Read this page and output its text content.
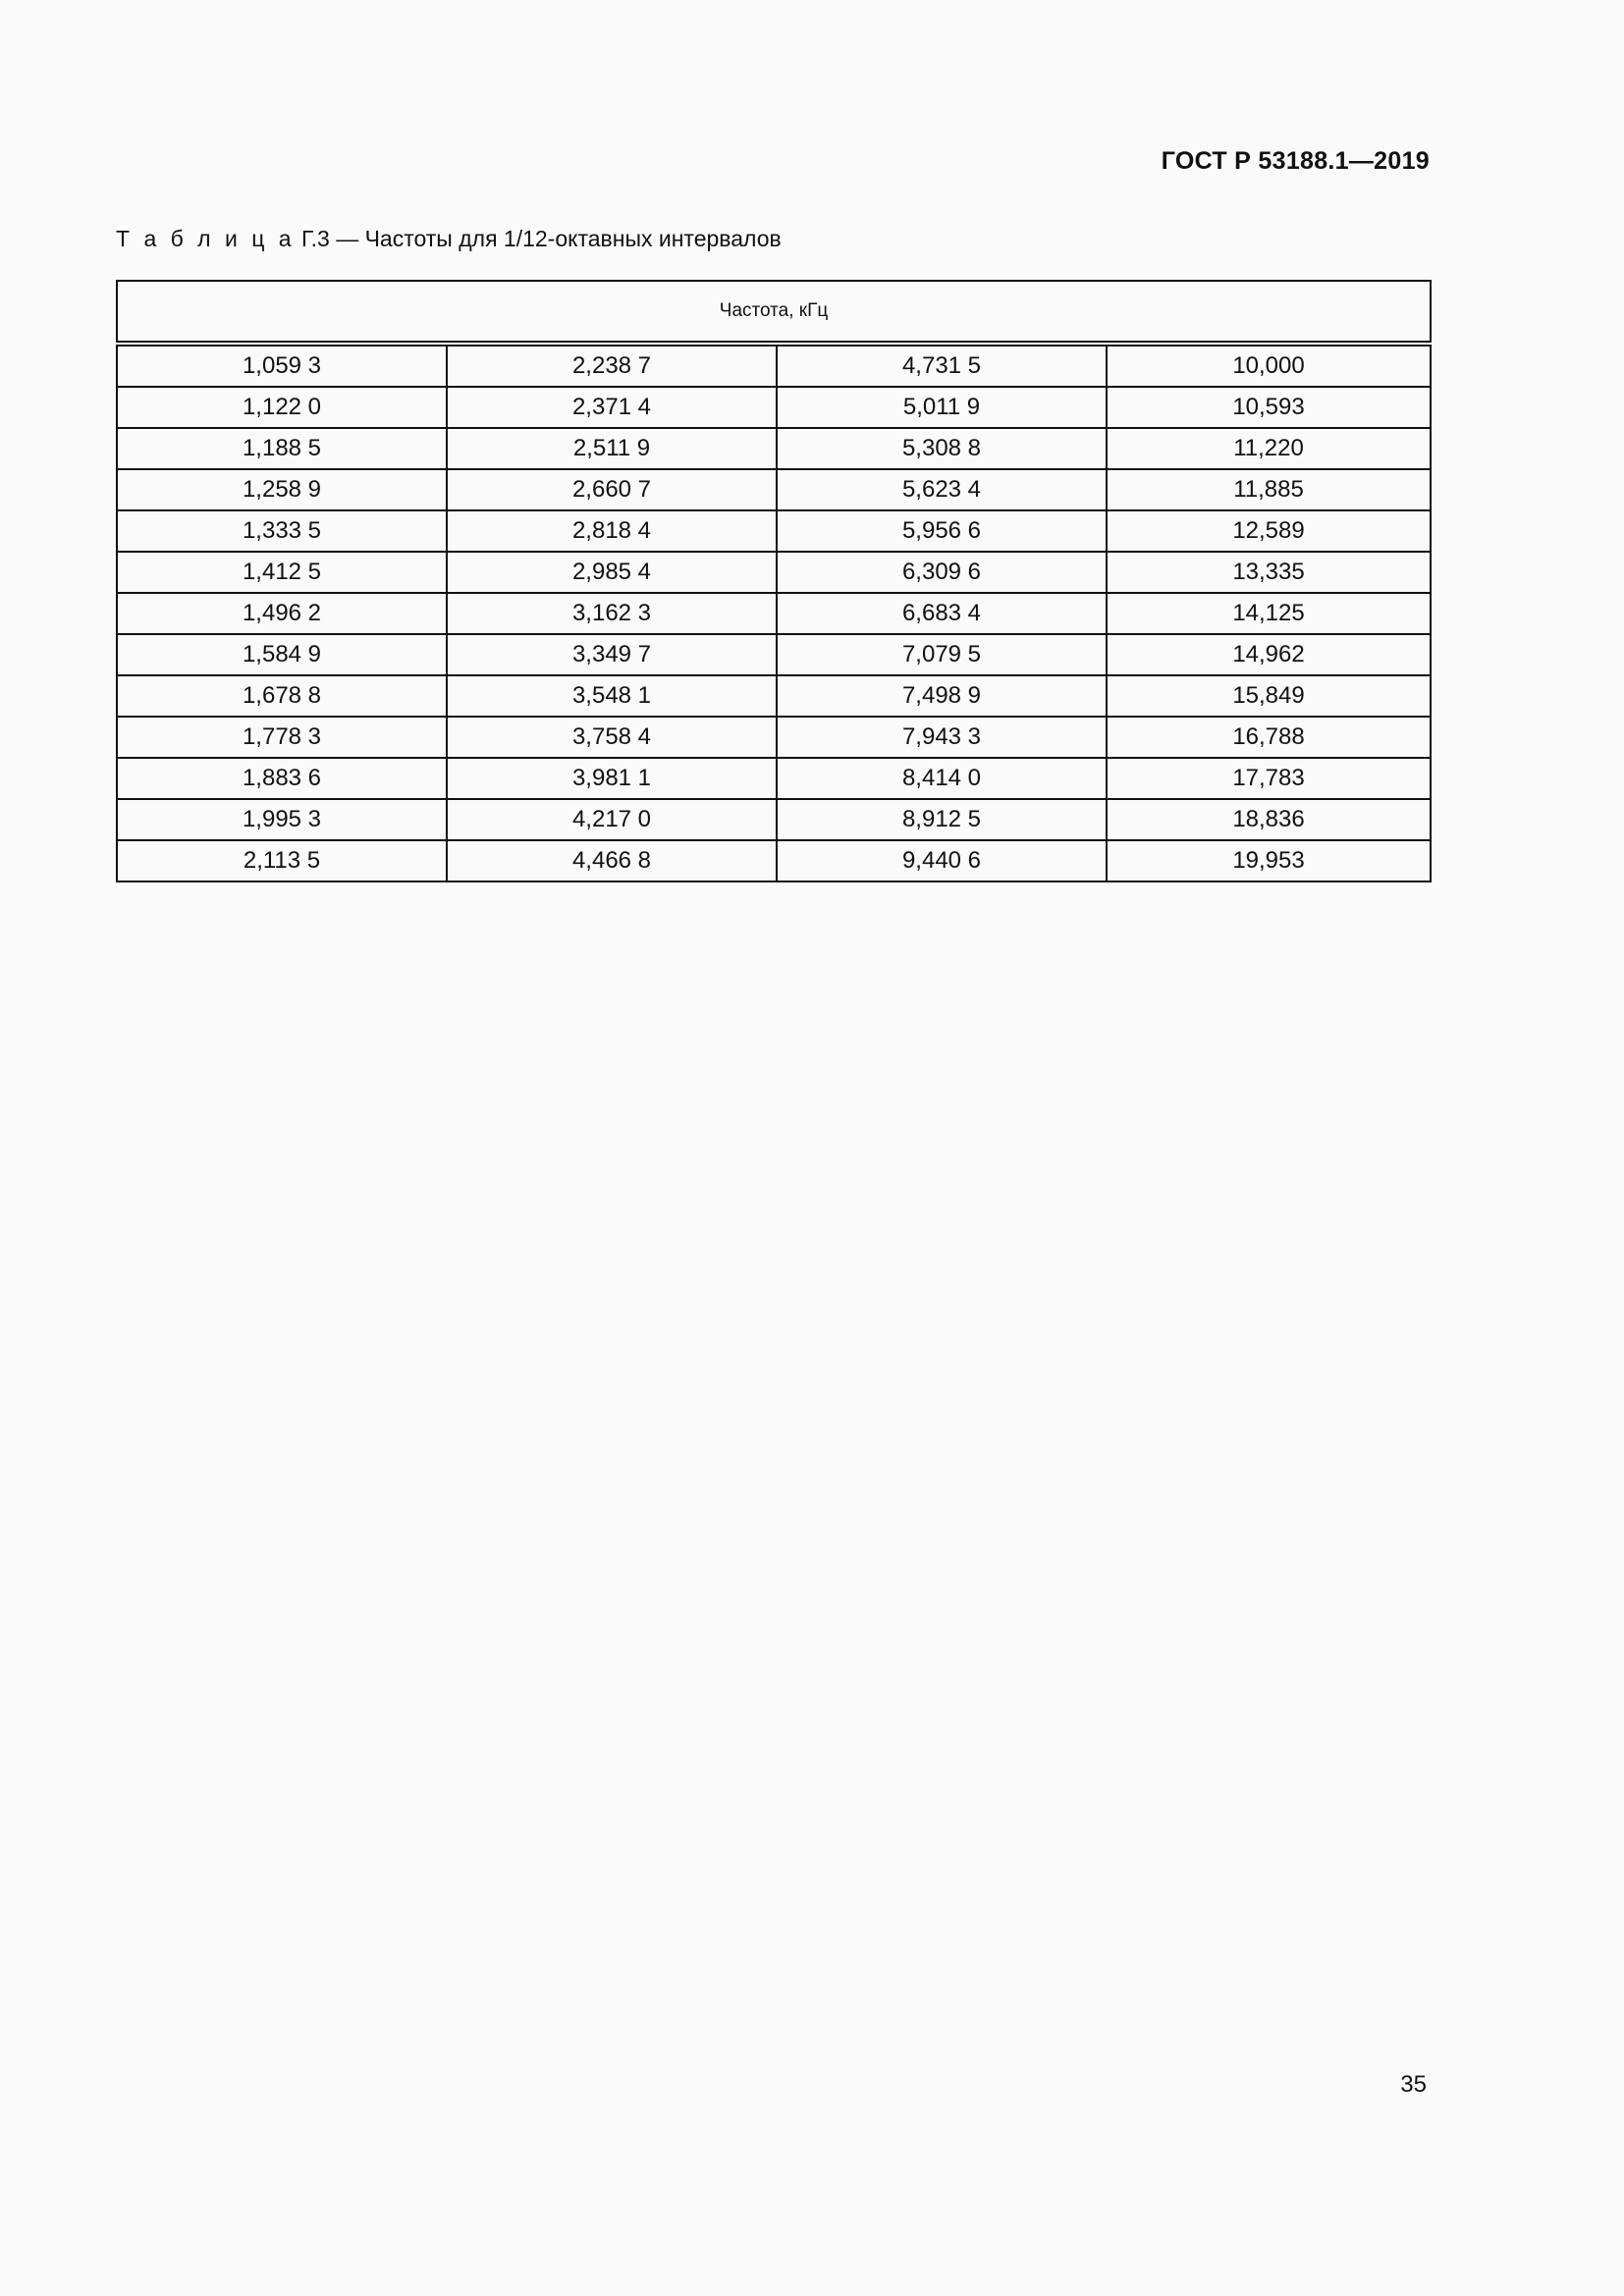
ГОСТ Р 53188.1—2019
Т а б л и ц а Г.3 — Частоты для 1/12-октавных интервалов
Частота, кГц			
1,059 3	2,238 7	4,731 5	10,000
1,122 0	2,371 4	5,011 9	10,593
1,188 5	2,511 9	5,308 8	11,220
1,258 9	2,660 7	5,623 4	11,885
1,333 5	2,818 4	5,956 6	12,589
1,412 5	2,985 4	6,309 6	13,335
1,496 2	3,162 3	6,683 4	14,125
1,584 9	3,349 7	7,079 5	14,962
1,678 8	3,548 1	7,498 9	15,849
1,778 3	3,758 4	7,943 3	16,788
1,883 6	3,981 1	8,414 0	17,783
1,995 3	4,217 0	8,912 5	18,836
2,113 5	4,466 8	9,440 6	19,953
35
